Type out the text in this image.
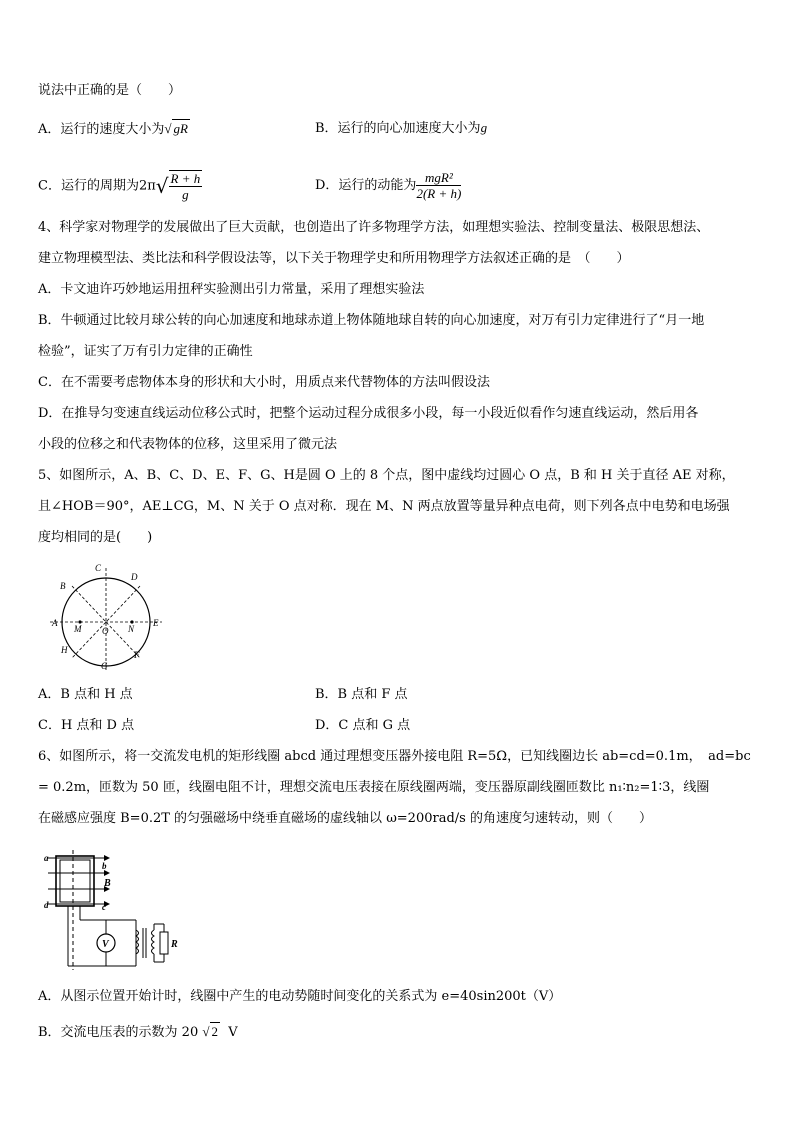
说法中正确的是（　　）
A．运行的速度大小为√ gR	B．运行的向心加速度大小为g
C．运行的周期为$2\pi√ \frac{R + h}{g}$	D．运行的动能为 $\frac{\text{mgR²}}{2(R + h)}$
4、科学家对物理学的发展做出了巨大贡献，也创造出了许多物理学方法，如理想实验法、控制变量法、极限思想法、
建立物理模型法、类比法和科学假设法等，以下关于物理学史和所用物理学方法叙述正确的是　（　　）
A．卡文迪许巧妙地运用扭秤实验测出引力常量，采用了理想实验法
B．牛顿通过比较月球公转的向心加速度和地球赤道上物体随地球自转的向心加速度，对万有引力定律进行了“月一地
检验”，证实了万有引力定律的正确性
C．在不需要考虑物体本身的形状和大小时，用质点来代替物体的方法叫假设法
D．在推导匀变速直线运动位移公式时，把整个运动过程分成很多小段，每一小段近似看作匀速直线运动，然后用各
小段的位移之和代表物体的位移，这里采用了微元法
5、如图所示，A、B、C、D、E、F、G、H是圆 O 上的 8 个点，图中虚线均过圆心 O 点，B 和 H 关于直径 AE 对称，
且∠HOB＝90°，AE⊥CG，M、N 关于 O 点对称．现在 M、N 两点放置等量异种点电荷，则下列各点中电势和电场强
度均相同的是(　　)
A
B
C
D
E
F
G
H
M	N
O
A．B 点和 H 点	B．B 点和 F 点
C．H 点和 D 点	D．C 点和 G 点
6、如图所示，将一交流发电机的矩形线圈 abcd 通过理想变压器外接电阻 R=5Ω，已知线圈边长 ab=cd=0.1m，　ad=bc
= 0.2m，匝数为 50 匝，线圈电阻不计，理想交流电压表接在原线圈两端，变压器原副线圈匝数比 n₁∶n₂=1∶3，线圈
在磁感应强度 B=0.2T 的匀强磁场中绕垂直磁场的虚线轴以 ω=200rad/s 的角速度匀速转动，则（　　）
a
b
B
d	c
V	R
A．从图示位置开始计时，线圈中产生的电动势随时间变化的关系式为 e=40sin200t（V）
B．交流电压表的示数为 20 √ 2 V
